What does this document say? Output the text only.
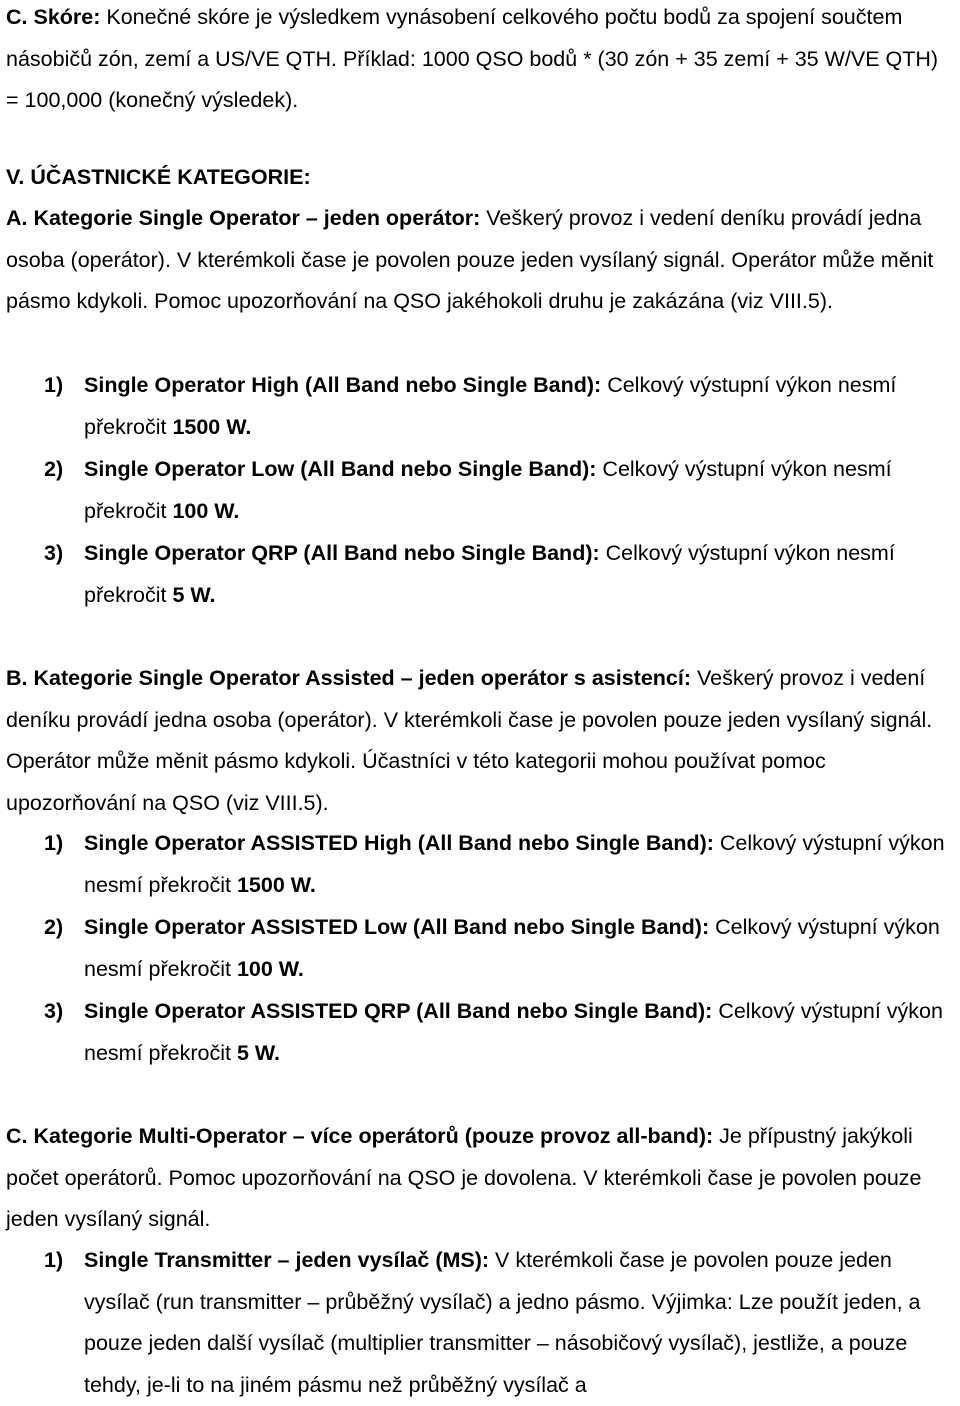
C. Skóre: Konečné skóre je výsledkem vynásobení celkového počtu bodů za spojení součtem násobičů zón, zemí a US/VE QTH. Příklad: 1000 QSO bodů * (30 zón + 35 zemí + 35 W/VE QTH) = 100,000 (konečný výsledek).

V. ÚČASTNICKÉ KATEGORIE:

A. Kategorie Single Operator – jeden operátor: Veškerý provoz i vedení deníku provádí jedna osoba (operátor). V kterémkoli čase je povolen pouze jeden vysílaný signál. Operátor může měnit pásmo kdykoli. Pomoc upozorňování na QSO jakéhokoli druhu je zakázána (viz VIII.5).

1) Single Operator High (All Band nebo Single Band): Celkový výstupní výkon nesmí překročit 1500 W.

2) Single Operator Low (All Band nebo Single Band): Celkový výstupní výkon nesmí překročit 100 W.

3) Single Operator QRP (All Band nebo Single Band): Celkový výstupní výkon nesmí překročit 5 W.

B. Kategorie Single Operator Assisted – jeden operátor s asistencí: Veškerý provoz i vedení deníku provádí jedna osoba (operátor). V kterémkoli čase je povolen pouze jeden vysílaný signál. Operátor může měnit pásmo kdykoli. Účastníci v této kategorii mohou používat pomoc upozorňování na QSO (viz VIII.5).

1) Single Operator ASSISTED High (All Band nebo Single Band): Celkový výstupní výkon nesmí překročit 1500 W.

2) Single Operator ASSISTED Low (All Band nebo Single Band): Celkový výstupní výkon nesmí překročit 100 W.

3) Single Operator ASSISTED QRP (All Band nebo Single Band): Celkový výstupní výkon nesmí překročit 5 W.

C. Kategorie Multi-Operator – více operátorů (pouze provoz all-band): Je přípustný jakýkoli počet operátorů. Pomoc upozorňování na QSO je dovolena. V kterémkoli čase je povolen pouze jeden vysílaný signál.

1) Single Transmitter – jeden vysílač (MS): V kterémkoli čase je povolen pouze jeden vysílač (run transmitter – průběžný vysílač) a jedno pásmo. Výjimka: Lze použít jeden, a pouze jeden další vysílač (multiplier transmitter – násobičový vysílač), jestliže, a pouze tehdy, je-li to na jiném pásmu než průběžný vysílač a
